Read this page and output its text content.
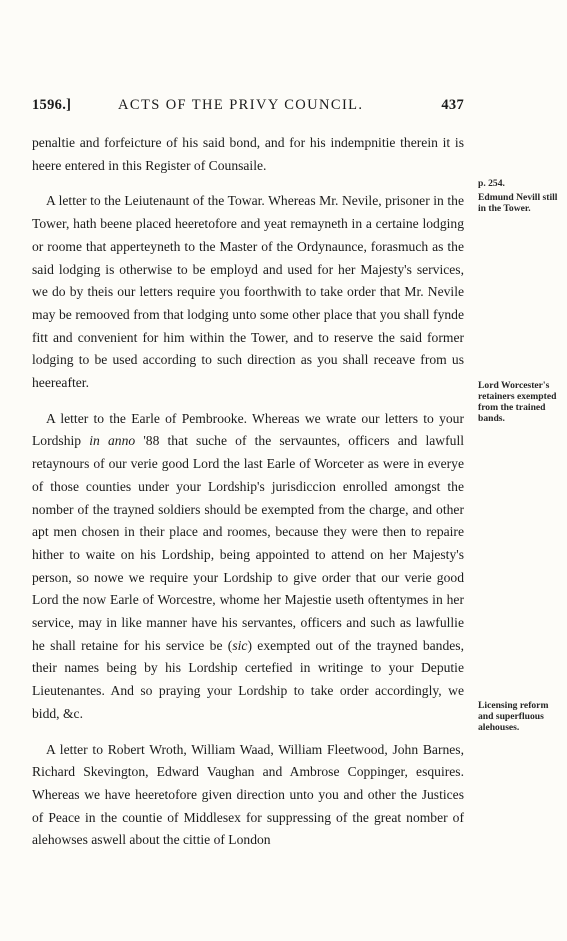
1596.]	ACTS OF THE PRIVY COUNCIL.	437

penaltie and forfeicture of his said bond, and for his indempnitie therein it is heere entered in this Register of Counsaile.

A letter to the Leiutenaunt of the Towar. Whereas Mr. Nevile, prisoner in the Tower, hath beene placed heeretofore and yeat remayneth in a certaine lodging or roome that apperteyneth to the Master of the Ordynaunce, forasmuch as the said lodging is otherwise to be employd and used for her Majesty's services, we do by theis our letters require you foorthwith to take order that Mr. Nevile may be remooved from that lodging unto some other place that you shall fynde fitt and convenient for him within the Tower, and to reserve the said former lodging to be used according to such direction as you shall receave from us heereafter.

A letter to the Earle of Pembrooke. Whereas we wrate our letters to your Lordship in anno '88 that suche of the servauntes, officers and lawfull retaynours of our verie good Lord the last Earle of Worceter as were in everye of those counties under your Lordship's jurisdiccion enrolled amongst the nomber of the trayned soldiers should be exempted from the charge, and other apt men chosen in their place and roomes, because they were then to repaire hither to waite on his Lordship, being appointed to attend on her Majesty's person, so nowe we require your Lordship to give order that our verie good Lord the now Earle of Worcestre, whome her Majestie useth oftentymes in her service, may in like manner have his servantes, officers and such as lawfullie he shall retaine for his service be (sic) exempted out of the trayned bandes, their names being by his Lordship certefied in writinge to your Deputie Lieutenantes. And so praying your Lordship to take order accordingly, we bidd, &c.

A letter to Robert Wroth, William Waad, William Fleetwood, John Barnes, Richard Skevington, Edward Vaughan and Ambrose Coppinger, esquires. Whereas we have heeretofore given direction unto you and other the Justices of Peace in the countie of Middlesex for suppressing of the great nomber of alehowses aswell about the cittie of London

p. 254.
Edmund Nevill still in the Tower.
Lord Worcester's retainers exempted from the trained bands.
Licensing reform and superfluous alehouses.
